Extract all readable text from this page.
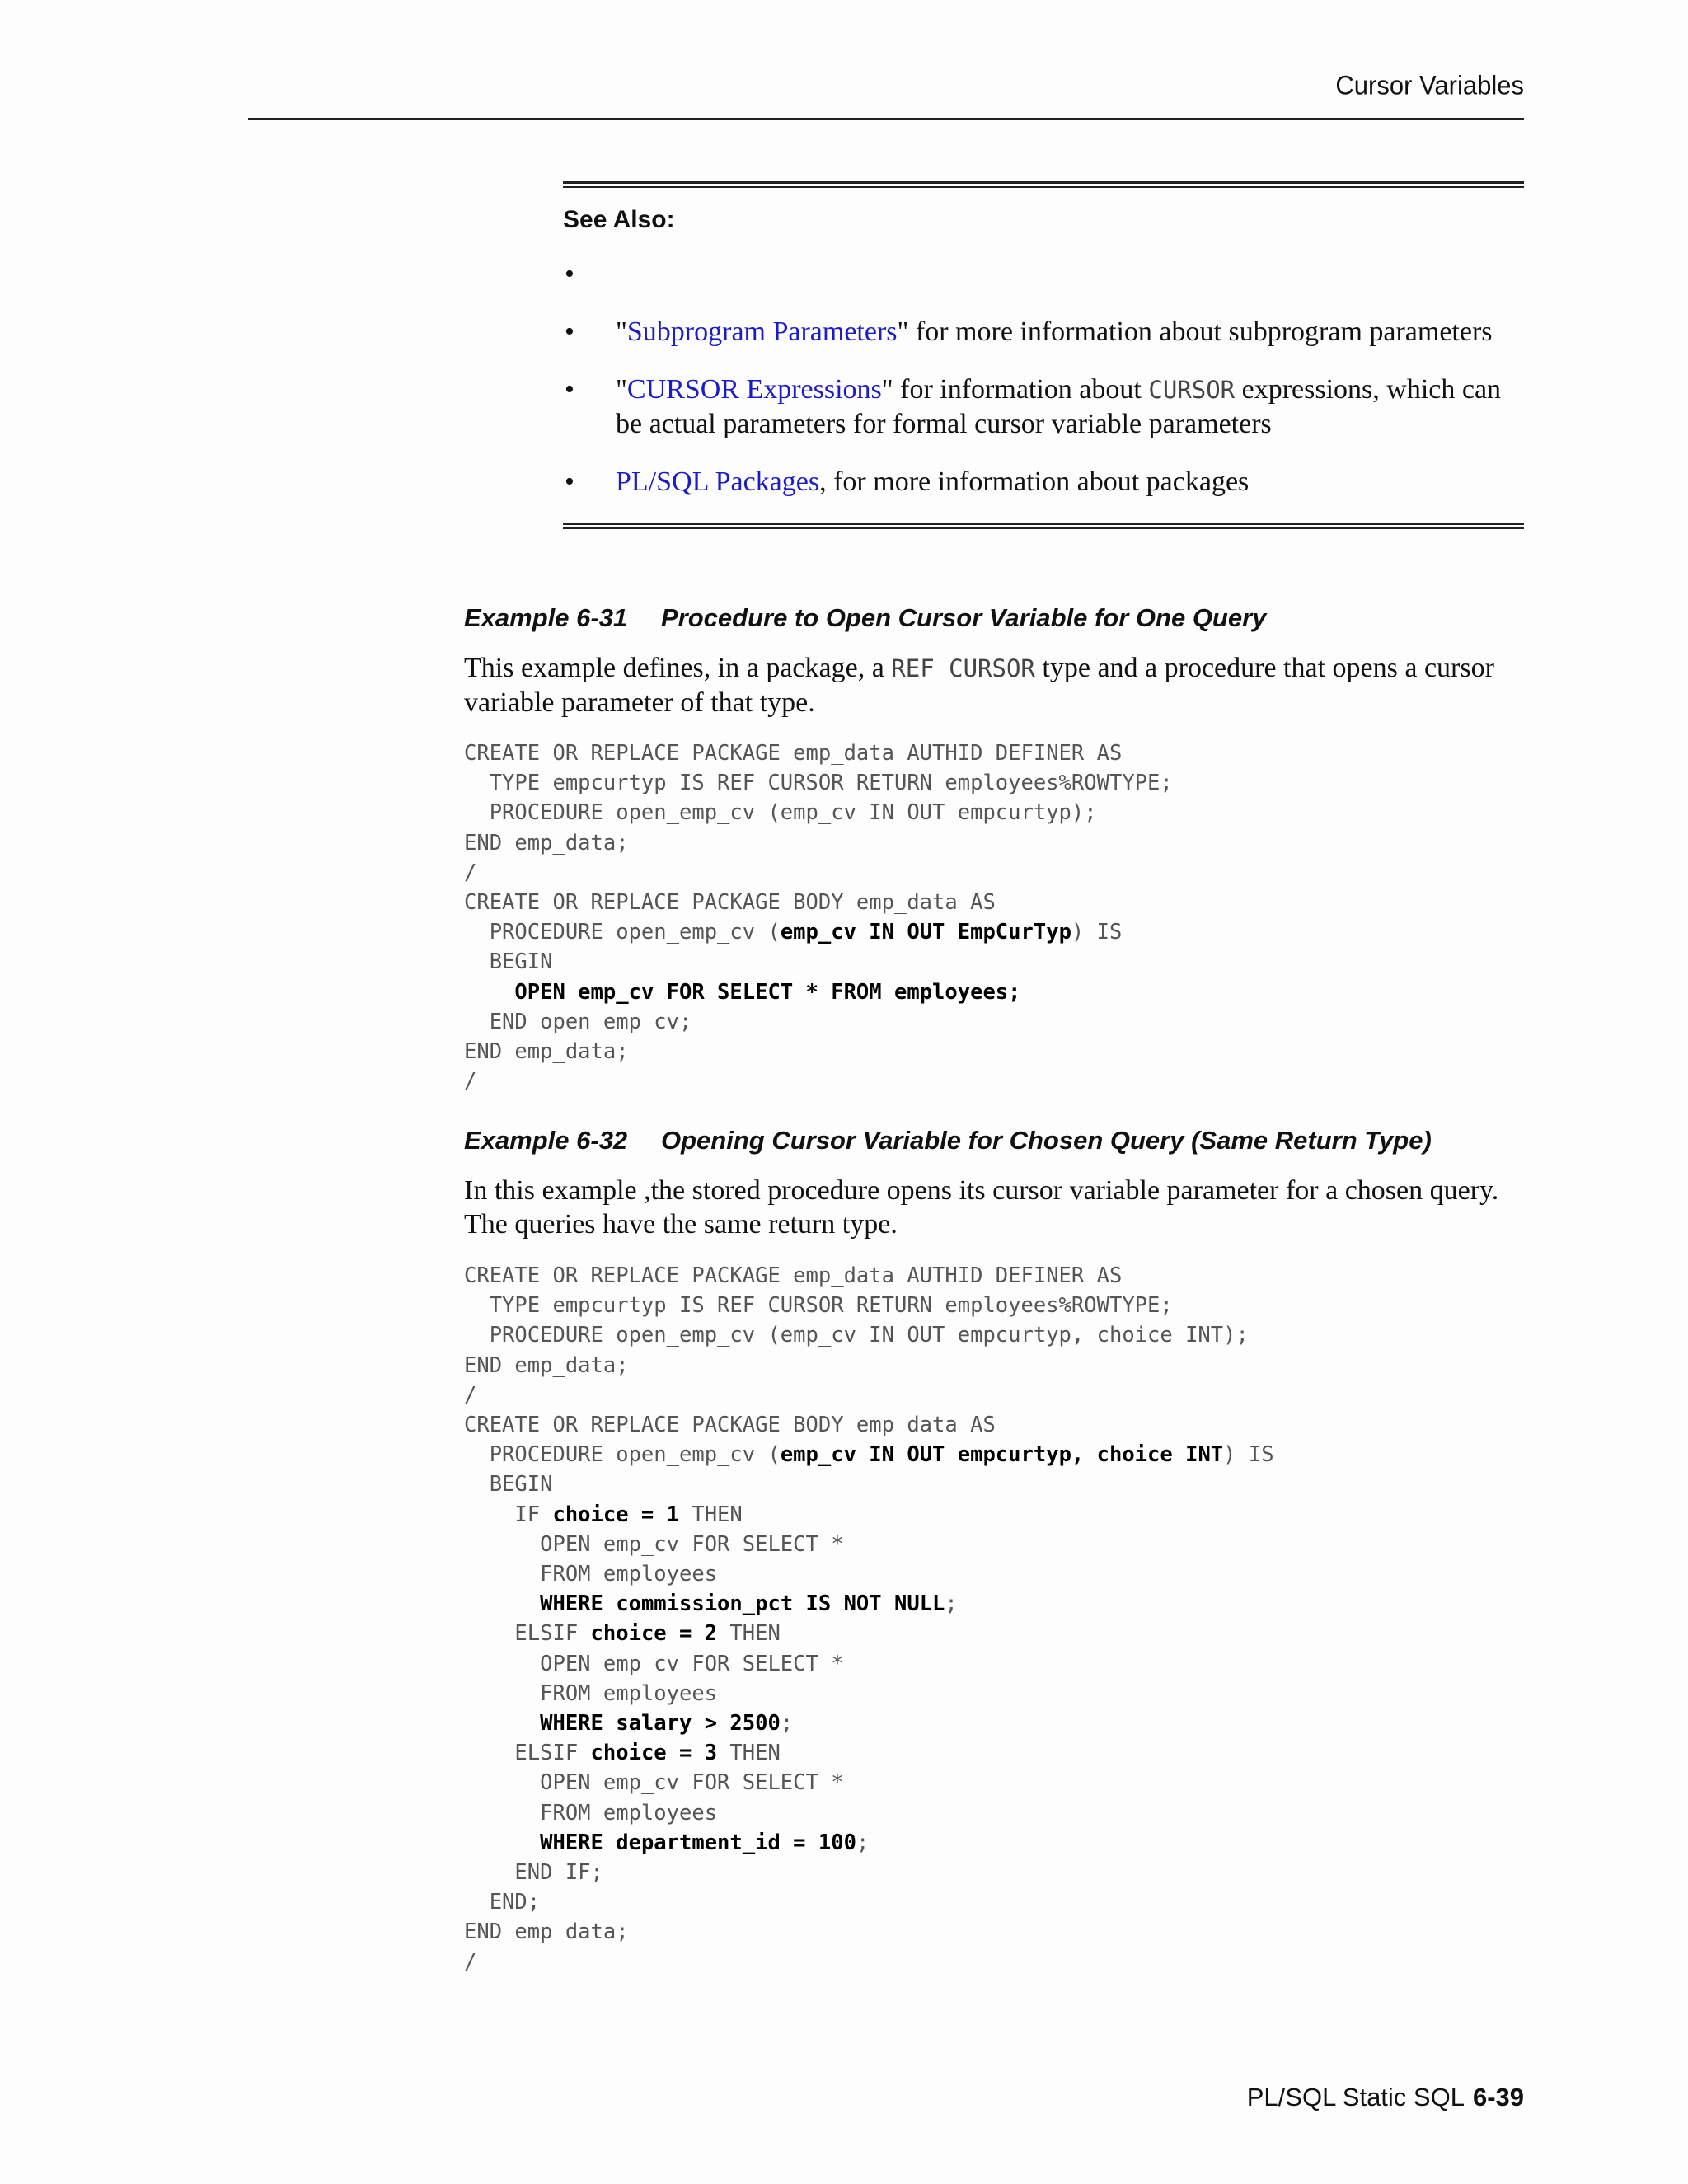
Cursor Variables
See Also:
•
• "Subprogram Parameters" for more information about subprogram parameters
• "CURSOR Expressions" for information about CURSOR expressions, which can be actual parameters for formal cursor variable parameters
• PL/SQL Packages, for more information about packages
Example 6-31 Procedure to Open Cursor Variable for One Query
This example defines, in a package, a REF CURSOR type and a procedure that opens a cursor variable parameter of that type.
CREATE OR REPLACE PACKAGE emp_data AUTHID DEFINER AS
TYPE empcurtyp IS REF CURSOR RETURN employees%ROWTYPE;
PROCEDURE open_emp_cv (emp_cv IN OUT empcurtyp);
END emp_data;
/
CREATE OR REPLACE PACKAGE BODY emp_data AS
PROCEDURE open_emp_cv (emp_cv IN OUT EmpCurTyp) IS
BEGIN
OPEN emp_cv FOR SELECT * FROM employees;
END open_emp_cv;
END emp_data;
/
Example 6-32 Opening Cursor Variable for Chosen Query (Same Return Type)
In this example ,the stored procedure opens its cursor variable parameter for a chosen query. The queries have the same return type.
CREATE OR REPLACE PACKAGE emp_data AUTHID DEFINER AS
TYPE empcurtyp IS REF CURSOR RETURN employees%ROWTYPE;
PROCEDURE open_emp_cv (emp_cv IN OUT empcurtyp, choice INT);
END emp_data;
/
CREATE OR REPLACE PACKAGE BODY emp_data AS
PROCEDURE open_emp_cv (emp_cv IN OUT empcurtyp, choice INT) IS
BEGIN
IF choice = 1 THEN
OPEN emp_cv FOR SELECT *
FROM employees
WHERE commission_pct IS NOT NULL;
ELSIF choice = 2 THEN
OPEN emp_cv FOR SELECT *
FROM employees
WHERE salary > 2500;
ELSIF choice = 3 THEN
OPEN emp_cv FOR SELECT *
FROM employees
WHERE department_id = 100;
END IF;
END;
END emp_data;
/
PL/SQL Static SQL 6-39
